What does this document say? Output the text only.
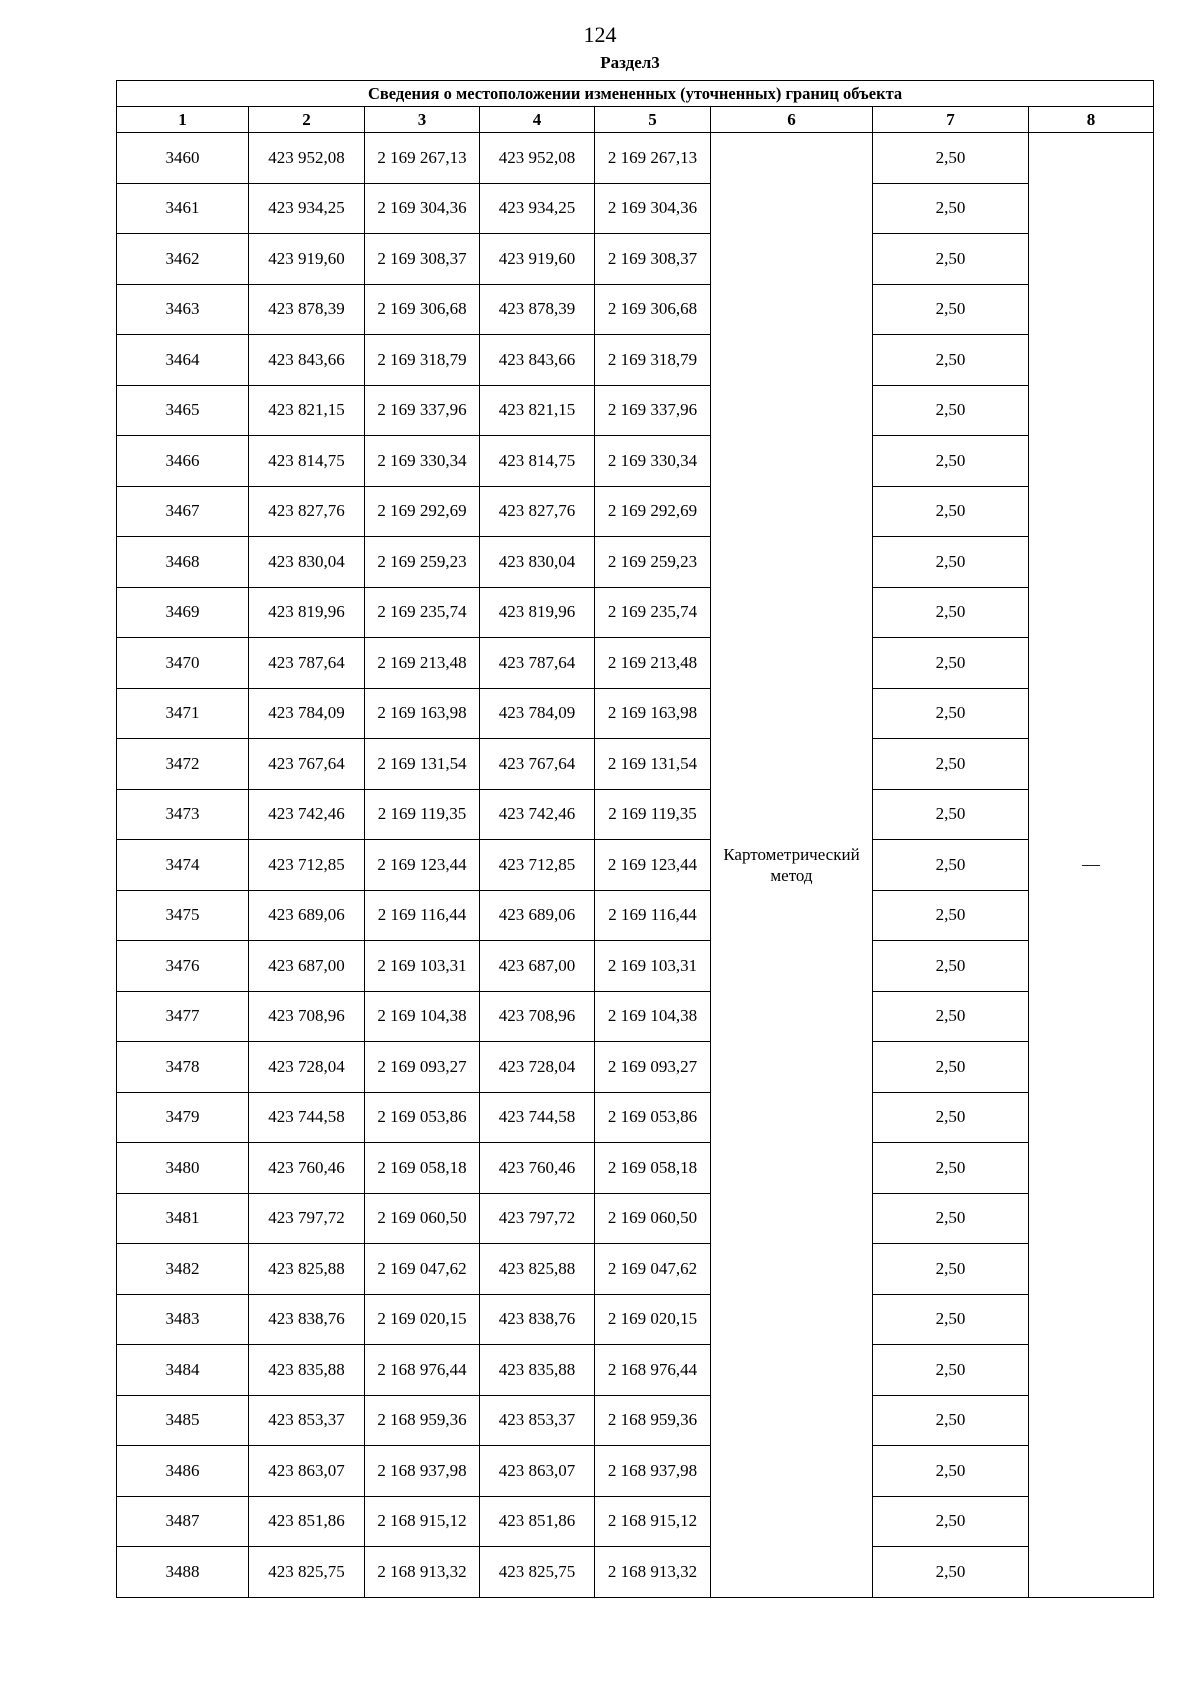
124
Раздел3
Сведения о местоположении измененных (уточненных) границ объекта							
1	2	3	4	5	6	7	8
3460	423 952,08	2 169 267,13	423 952,08	2 169 267,13	Картометрический метод	2,50	—
3461	423 934,25	2 169 304,36	423 934,25	2 169 304,36		2,50	
3462	423 919,60	2 169 308,37	423 919,60	2 169 308,37		2,50	
3463	423 878,39	2 169 306,68	423 878,39	2 169 306,68		2,50	
3464	423 843,66	2 169 318,79	423 843,66	2 169 318,79		2,50	
3465	423 821,15	2 169 337,96	423 821,15	2 169 337,96		2,50	
3466	423 814,75	2 169 330,34	423 814,75	2 169 330,34		2,50	
3467	423 827,76	2 169 292,69	423 827,76	2 169 292,69		2,50	
3468	423 830,04	2 169 259,23	423 830,04	2 169 259,23		2,50	
3469	423 819,96	2 169 235,74	423 819,96	2 169 235,74		2,50	
3470	423 787,64	2 169 213,48	423 787,64	2 169 213,48		2,50	
3471	423 784,09	2 169 163,98	423 784,09	2 169 163,98		2,50	
3472	423 767,64	2 169 131,54	423 767,64	2 169 131,54		2,50	
3473	423 742,46	2 169 119,35	423 742,46	2 169 119,35		2,50	
3474	423 712,85	2 169 123,44	423 712,85	2 169 123,44		2,50	
3475	423 689,06	2 169 116,44	423 689,06	2 169 116,44		2,50	
3476	423 687,00	2 169 103,31	423 687,00	2 169 103,31		2,50	
3477	423 708,96	2 169 104,38	423 708,96	2 169 104,38		2,50	
3478	423 728,04	2 169 093,27	423 728,04	2 169 093,27		2,50	
3479	423 744,58	2 169 053,86	423 744,58	2 169 053,86		2,50	
3480	423 760,46	2 169 058,18	423 760,46	2 169 058,18		2,50	
3481	423 797,72	2 169 060,50	423 797,72	2 169 060,50		2,50	
3482	423 825,88	2 169 047,62	423 825,88	2 169 047,62		2,50	
3483	423 838,76	2 169 020,15	423 838,76	2 169 020,15		2,50	
3484	423 835,88	2 168 976,44	423 835,88	2 168 976,44		2,50	
3485	423 853,37	2 168 959,36	423 853,37	2 168 959,36		2,50	
3486	423 863,07	2 168 937,98	423 863,07	2 168 937,98		2,50	
3487	423 851,86	2 168 915,12	423 851,86	2 168 915,12		2,50	
3488	423 825,75	2 168 913,32	423 825,75	2 168 913,32		2,50	
